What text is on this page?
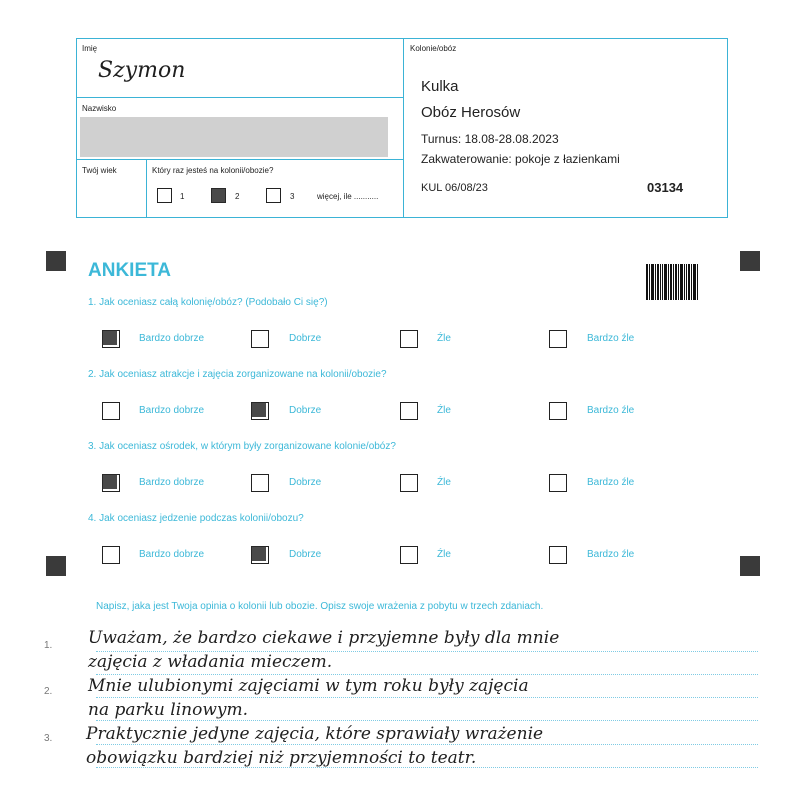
Imię
Szymon
Nazwisko
Twój wiek	Który raz jesteś na kolonii/obozie?
1	2	3	więcej, ile ...........
Kolonie/obóz
Kulka
Obóz Herosów
Turnus: 18.08-28.08.2023
Zakwaterowanie: pokoje z łazienkami
KUL 06/08/23	03134
ANKIETA
1. Jak oceniasz całą kolonię/obóz? (Podobało Ci się?)
Bardzo dobrze	Dobrze	Źle	Bardzo źle
2. Jak oceniasz atrakcje i zajęcia zorganizowane na kolonii/obozie?
Bardzo dobrze	Dobrze	Źle	Bardzo źle
3. Jak oceniasz ośrodek, w którym były zorganizowane kolonie/obóz?
Bardzo dobrze	Dobrze	Źle	Bardzo źle
4. Jak oceniasz jedzenie podczas kolonii/obozu?
Bardzo dobrze	Dobrze	Źle	Bardzo źle
Napisz, jaka jest Twoja opinia o kolonii lub obozie. Opisz swoje wrażenia z pobytu w trzech zdaniach.
1.
2.
3.
Uważam, że bardzo ciekawe i przyjemne były dla mnie
zajęcia z władania mieczem.
Mnie ulubionymi zajęciami w tym roku były zajęcia
na parku linowym.
Praktycznie jedyne zajęcia, które sprawiały wrażenie
obowiązku bardziej niż przyjemności to teatr.
